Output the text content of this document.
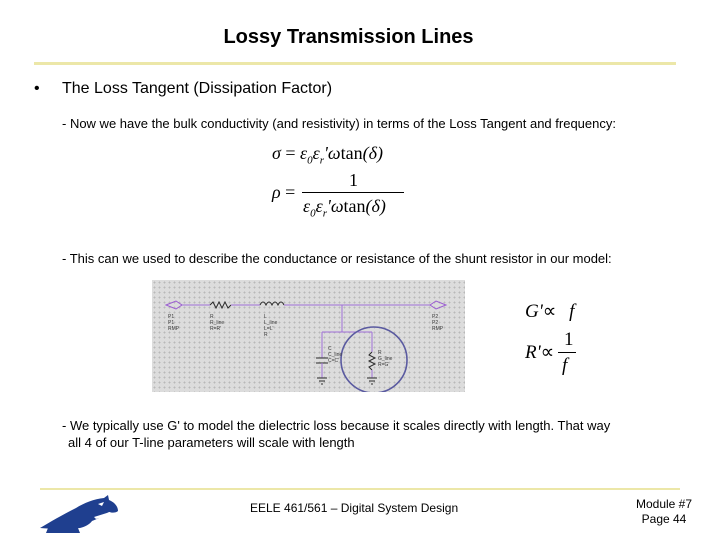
Lossy Transmission Lines
• The Loss Tangent (Dissipation Factor)
- Now we have the bulk conductivity (and resistivity) in terms of the Loss Tangent and frequency:
$\sigma = \varepsilon_0\varepsilon_r'\omega\tan(\delta)$
ρ =
1
$\varepsilon_0\varepsilon_r'\omega\tan(\delta)$
- This can we used to describe the conductance or resistance of the shunt resistor in our model:
P1
P1
RMP
R
R_line
R=R'
L
L_line
L=L'
R
C
C_line
C=C'
R
G_line
R=G'
P2
P2
RMP
G'∝ f
R'∝
1
f
- We typically use G' to model the dielectric loss because it scales directly with length. That way
all 4 of our T-line parameters will scale with length
EELE 461/561 – Digital System Design	Module #7
Page 44
